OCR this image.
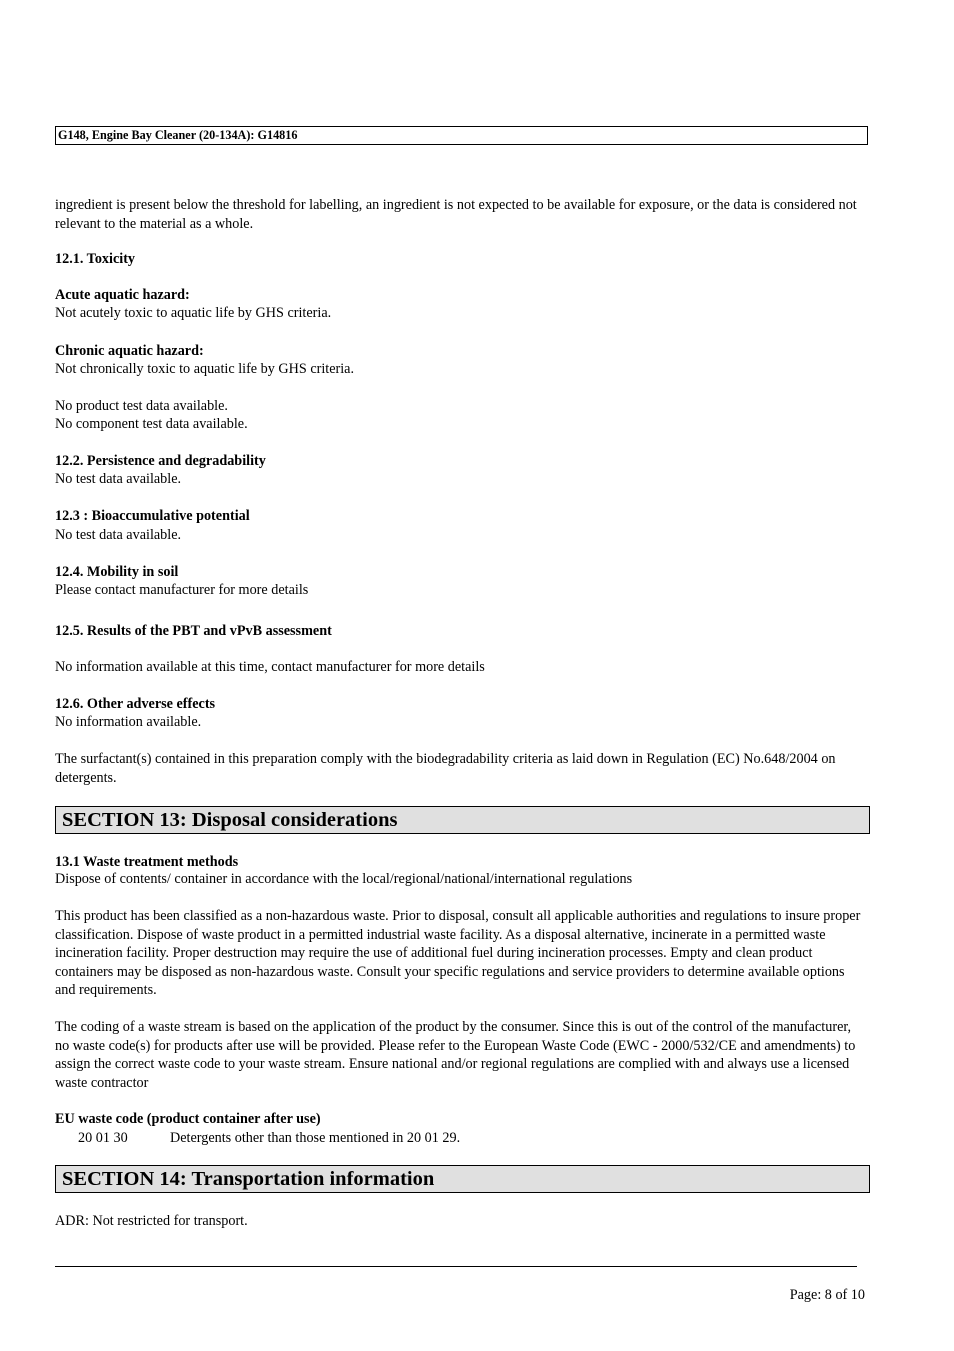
G148, Engine Bay Cleaner (20-134A): G14816
ingredient is present below the threshold for labelling, an ingredient is not expected to be available for exposure, or the data is considered not relevant to the material as a whole.
12.1. Toxicity
Acute aquatic hazard:
Not acutely toxic to aquatic life by GHS criteria.
Chronic aquatic hazard:
Not chronically toxic to aquatic life by GHS criteria.
No product test data available.
No component test data available.
12.2. Persistence and degradability
No test data available.
12.3 : Bioaccumulative potential
No test data available.
12.4. Mobility in soil
Please contact manufacturer for more details
12.5. Results of the PBT and vPvB assessment
No information available at this time, contact manufacturer for more details
12.6. Other adverse effects
No information available.
The surfactant(s) contained in this preparation comply with the biodegradability criteria as laid down in Regulation (EC) No.648/2004 on detergents.
SECTION 13: Disposal considerations
13.1 Waste treatment methods
Dispose of contents/ container in accordance with the local/regional/national/international regulations
This product has been classified as a non-hazardous waste. Prior to disposal, consult all applicable authorities and regulations to insure proper classification. Dispose of waste product in a permitted industrial waste facility. As a disposal alternative, incinerate in a permitted waste incineration facility. Proper destruction may require the use of additional fuel during incineration processes. Empty and clean product containers may be disposed as non-hazardous waste. Consult your specific regulations and service providers to determine available options and requirements.
The coding of a waste stream is based on the application of the product by the consumer. Since this is out of the control of the manufacturer, no waste code(s) for products after use will be provided. Please refer to the European Waste Code (EWC - 2000/532/CE and amendments) to assign the correct waste code to your waste stream. Ensure national and/or regional regulations are complied with and always use a licensed waste contractor
EU waste code (product container after use)
20 01 30	Detergents other than those mentioned in 20 01 29.
SECTION 14: Transportation information
ADR: Not restricted for transport.
Page: 8 of 10
